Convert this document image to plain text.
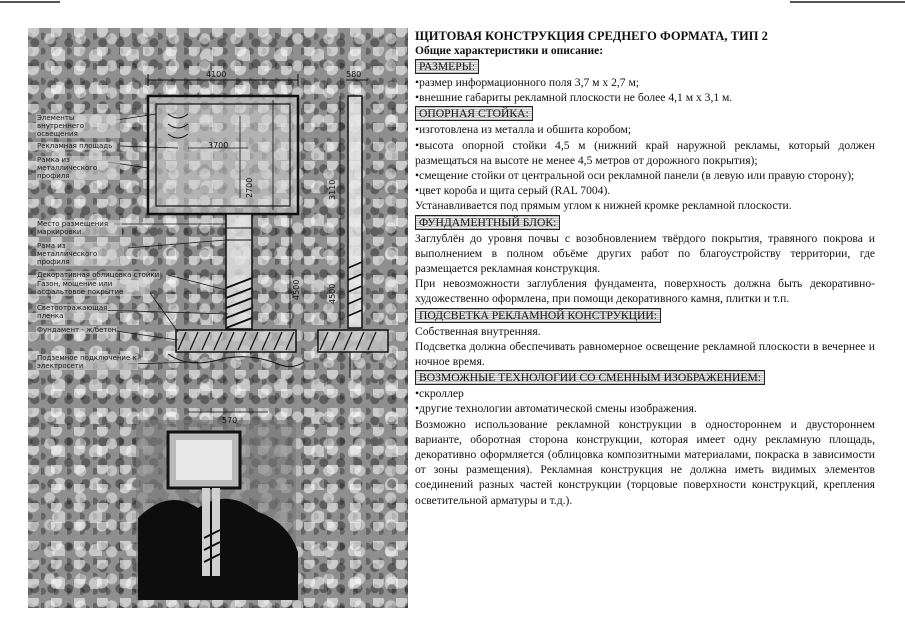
4100	580
3700
2700	3110
4500	4500
570
Элементы внутреннего освещения
Рекламная площадь
Рамка из металлического профиля
Место размещения маркировки
Рама из металлического профиля
Декоративная облицовка стойки
Газон, мощение или асфальтовое покрытие
Светоотражающая пленка
Фундамент - ж/бетон
Подземное подключение к электросети

ЩИТОВАЯ КОНСТРУКЦИЯ СРЕДНЕГО ФОРМАТА, ТИП 2

Общие характеристики и описание:

РАЗМЕРЫ:

•размер информационного поля 3,7 м х 2,7 м;

•внешние габариты рекламной плоскости не более 4,1 м х 3,1 м.

ОПОРНАЯ СТОЙКА:

•изготовлена из металла и обшита коробом;

•высота опорной стойки 4,5 м (нижний край наружной рекламы, который должен размещаться на высоте не менее 4,5 метров от дорожного покрытия);

•смещение стойки от центральной оси рекламной панели (в левую или правую сторону);

•цвет короба и щита серый (RAL 7004).

Устанавливается под прямым углом к нижней кромке рекламной плоскости.

ФУНДАМЕНТНЫЙ БЛОК:

Заглублён до уровня почвы с возобновлением твёрдого покрытия, травяного покрова и выполнением в полном объёме других работ по благоустройству территории, где размещается рекламная конструкция.

При невозможности заглубления фундамента, поверхность должна быть декоративно-художественно оформлена, при помощи декоративного камня, плитки и т.п.

ПОДСВЕТКА РЕКЛАМНОЙ КОНСТРУКЦИИ:

Собственная внутренняя.

Подсветка должна обеспечивать равномерное освещение рекламной плоскости в вечернее и ночное время.

ВОЗМОЖНЫЕ ТЕХНОЛОГИИ СО СМЕННЫМ ИЗОБРАЖЕНИЕМ:

•скроллер

•другие технологии автоматической смены изображения.

Возможно использование рекламной конструкции в одностороннем и двустороннем варианте, оборотная сторона конструкции, которая имеет одну рекламную площадь, декоративно оформляется (облицовка композитными материалами, покраска в зависимости от зоны размещения). Рекламная конструкция не должна иметь видимых элементов соединений разных частей конструкции (торцовые поверхности конструкций, крепления осветительной арматуры и т.д.).
